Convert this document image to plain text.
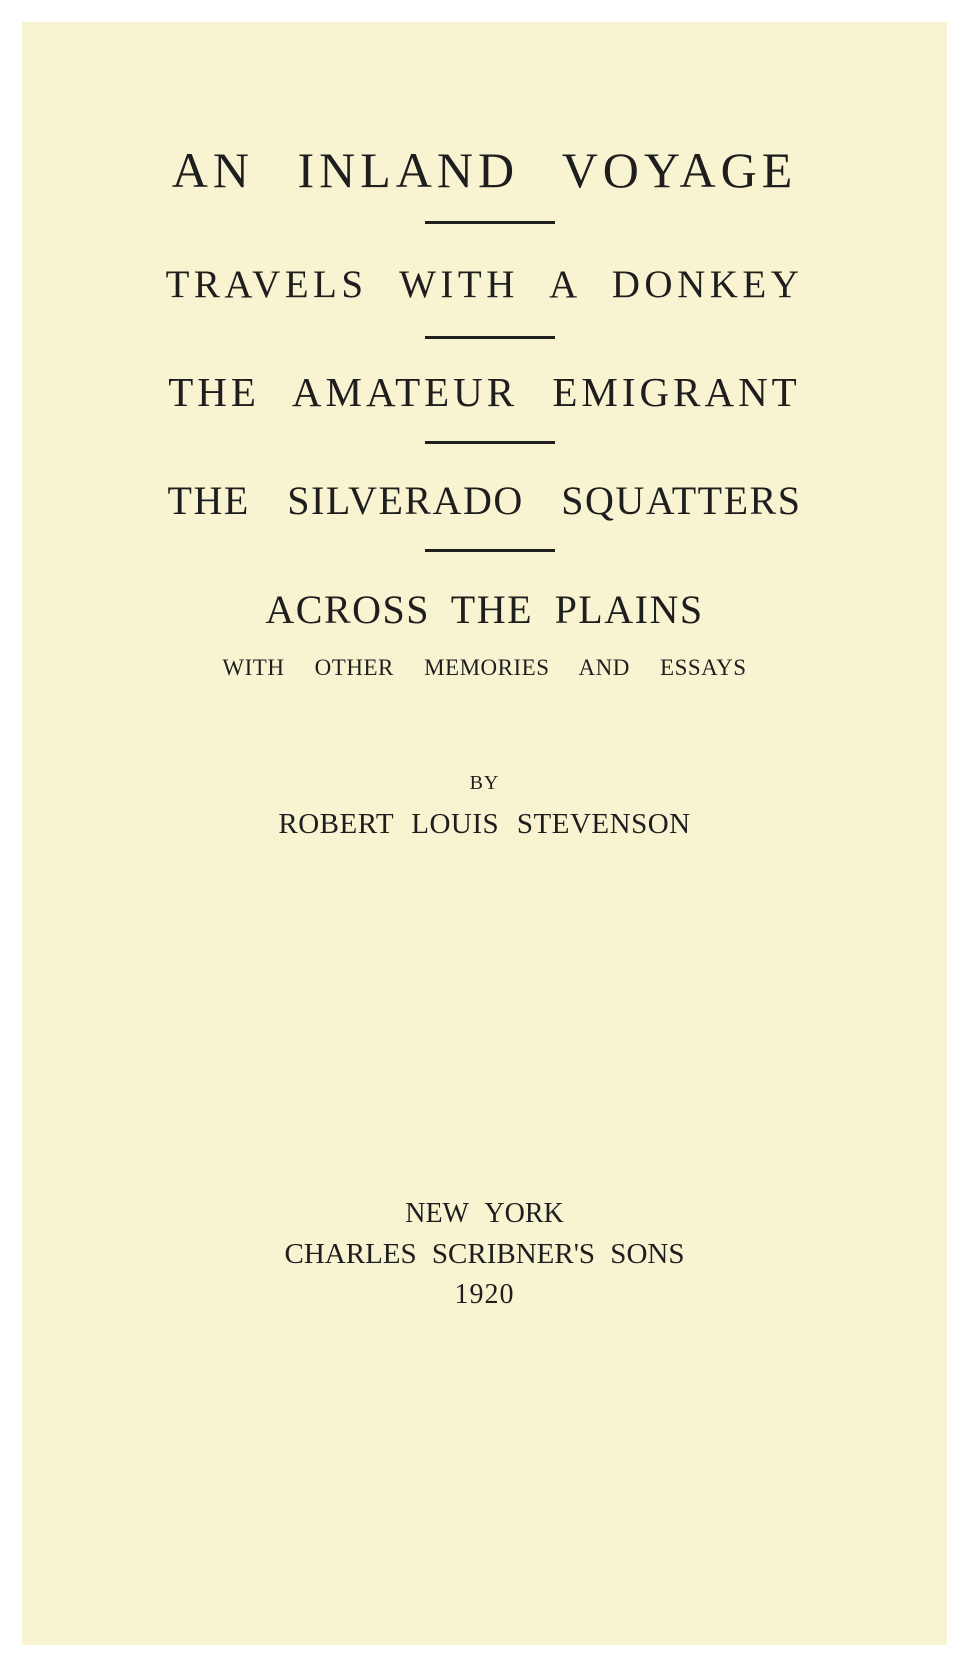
AN INLAND VOYAGE
TRAVELS WITH A DONKEY
THE AMATEUR EMIGRANT
THE SILVERADO SQUATTERS
ACROSS THE PLAINS
WITH OTHER MEMORIES AND ESSAYS
BY
ROBERT LOUIS STEVENSON
NEW YORK
CHARLES SCRIBNER'S SONS
1920
